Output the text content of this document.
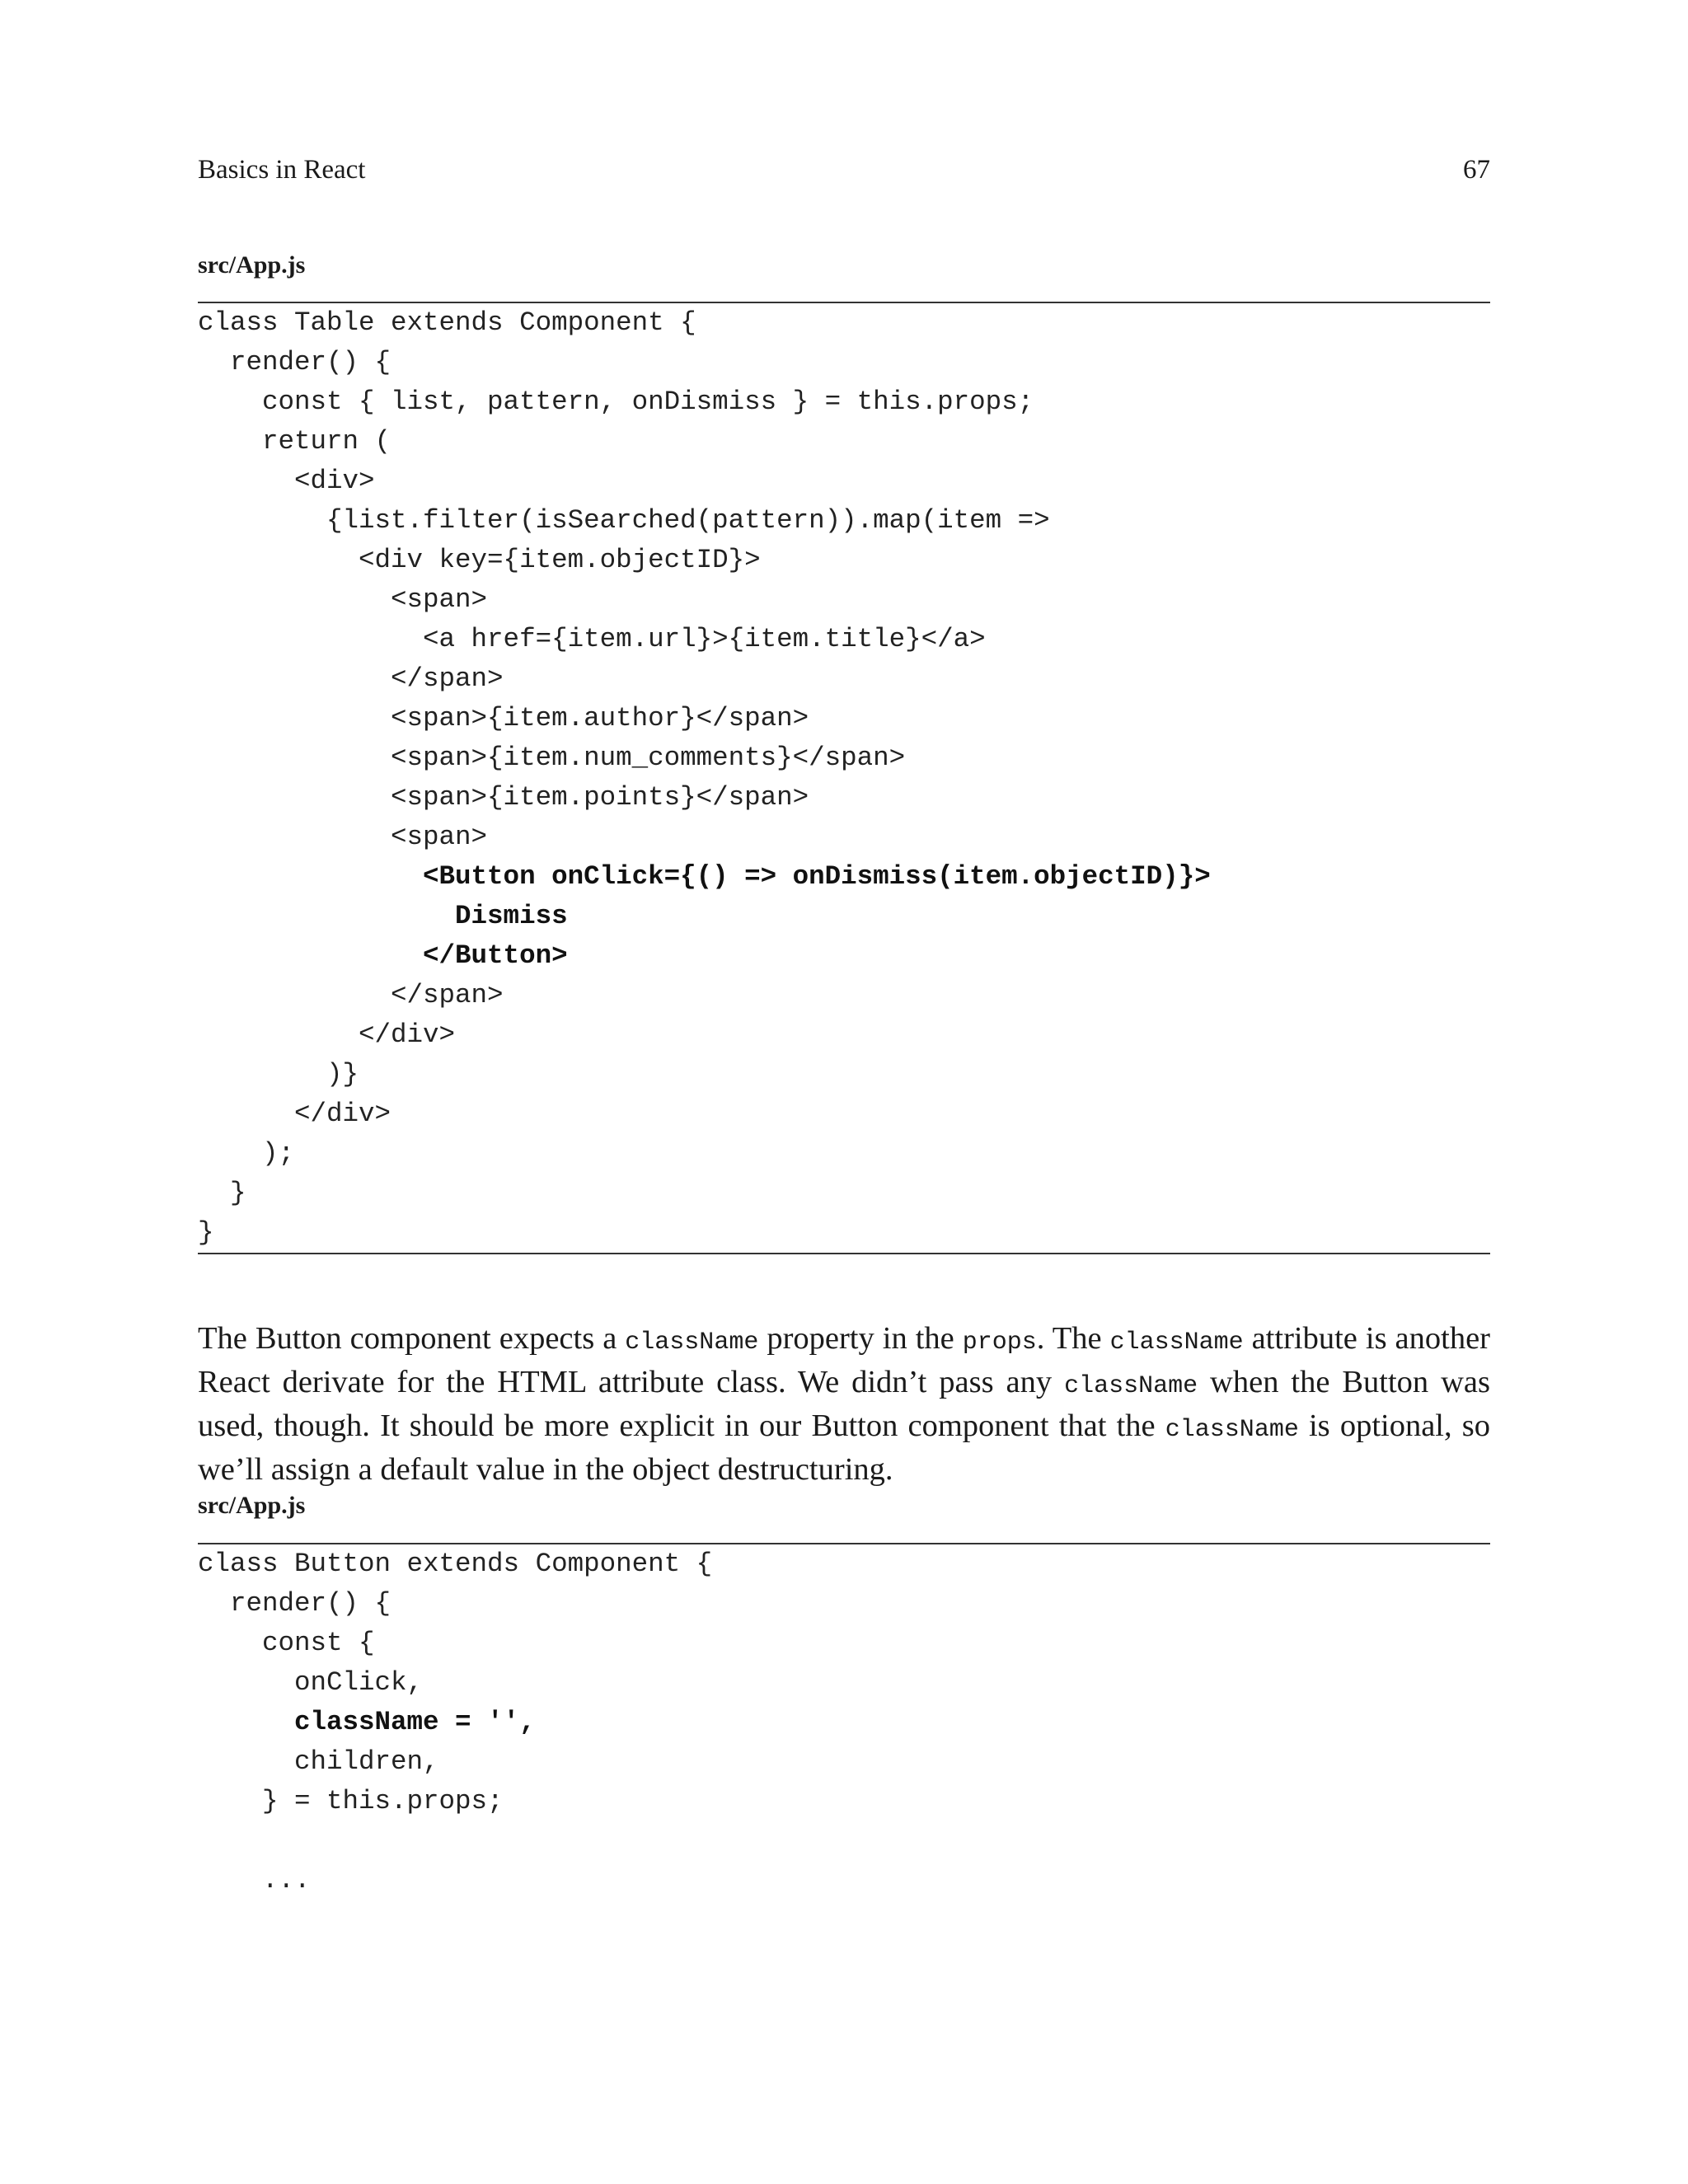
Basics in React	67
src/App.js
class Table extends Component {
render() {
const { list, pattern, onDismiss } = this.props;
return (
<div>
{list.filter(isSearched(pattern)).map(item =>
<div key={item.objectID}>
<span>
<a href={item.url}>{item.title}</a>
</span>
<span>{item.author}</span>
<span>{item.num_comments}</span>
<span>{item.points}</span>
<span>
<Button onClick={() => onDismiss(item.objectID)}>
Dismiss
</Button>
</span>
</div>
)}
</div>
);
}
}
The Button component expects a className property in the props. The className attribute is another React derivate for the HTML attribute class. We didn’t pass any className when the Button was used, though. It should be more explicit in our Button component that the className is optional, so we’ll assign a default value in the object destructuring.
src/App.js
class Button extends Component {
render() {
const {
onClick,
className = '',
children,
} = this.props;
...
